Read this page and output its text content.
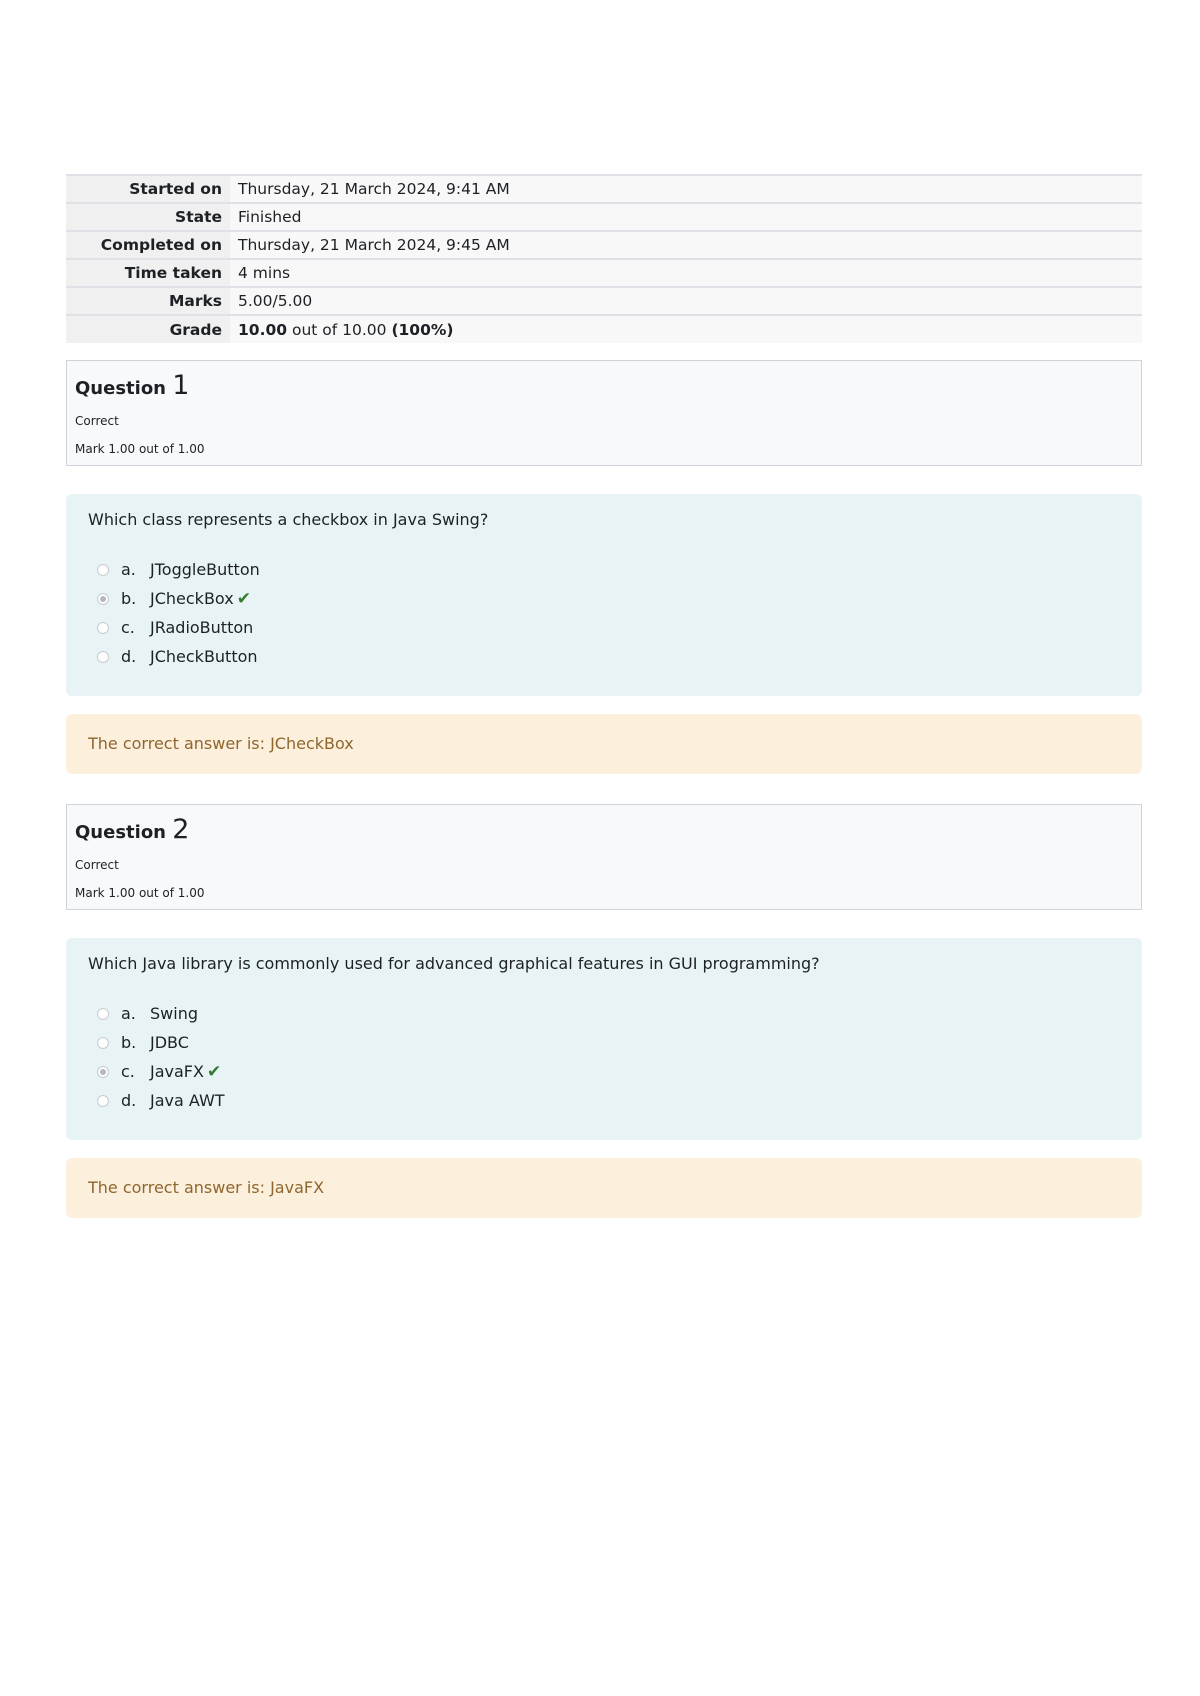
Started on	Thursday, 21 March 2024, 9:41 AM
State	Finished
Completed on	Thursday, 21 March 2024, 9:45 AM
Time taken	4 mins
Marks	5.00/5.00
Grade	10.00 out of 10.00 (100%)
Question 1
Correct
Mark 1.00 out of 1.00

Which class represents a checkbox in Java Swing?

a. JToggleButton
b. JCheckBox ✔
c. JRadioButton
d. JCheckButton
The correct answer is: JCheckBox
Question 2
Correct
Mark 1.00 out of 1.00

Which Java library is commonly used for advanced graphical features in GUI programming?

a. Swing
b. JDBC
c. JavaFX ✔
d. Java AWT
The correct answer is: JavaFX
